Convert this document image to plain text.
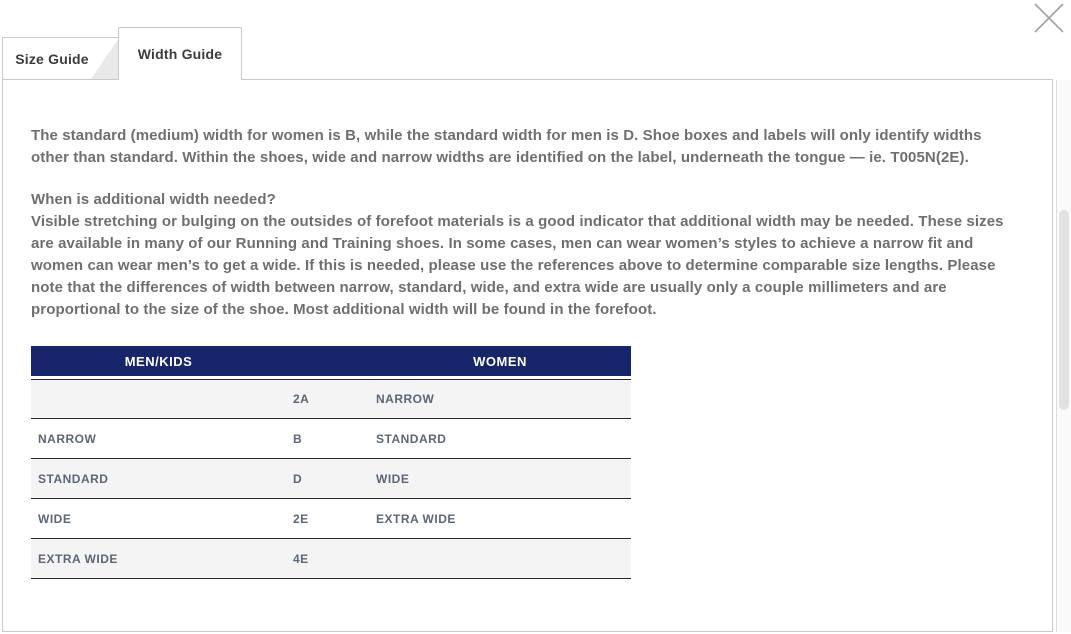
Size Guide	Width Guide

The standard (medium) width for women is B, while the standard width for men is D. Shoe boxes and labels will only identify widths other than standard. Within the shoes, wide and narrow widths are identified on the label, underneath the tongue — ie. T005N(2E).

When is additional width needed?

Visible stretching or bulging on the outsides of forefoot materials is a good indicator that additional width may be needed. These sizes are available in many of our Running and Training shoes. In some cases, men can wear women’s styles to achieve a narrow fit and women can wear men’s to get a wide. If this is needed, please use the references above to determine comparable size lengths. Please note that the differences of width between narrow, standard, wide, and extra wide are usually only a couple millimeters and are proportional to the size of the shoe. Most additional width will be found in the forefoot.

MEN/KIDS		WOMEN
	2A	NARROW
NARROW	B	STANDARD
STANDARD	D	WIDE
WIDE	2E	EXTRA WIDE
EXTRA WIDE	4E	
